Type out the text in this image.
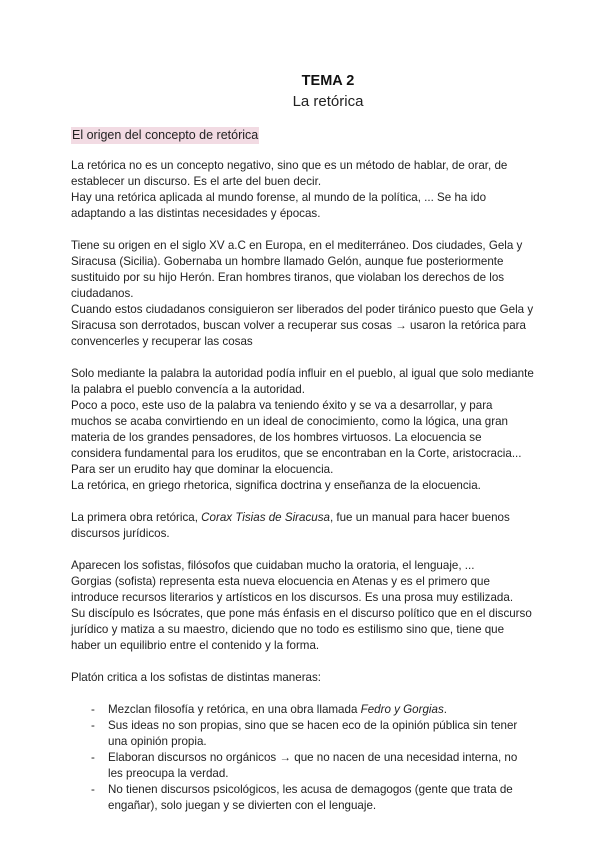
TEMA 2
La retórica
El origen del concepto de retórica

La retórica no es un concepto negativo, sino que es un método de hablar, de orar, de establecer un discurso. Es el arte del buen decir.

Hay una retórica aplicada al mundo forense, al mundo de la política, ... Se ha ido adaptando a las distintas necesidades y épocas.

Tiene su origen en el siglo XV a.C en Europa, en el mediterráneo. Dos ciudades, Gela y Siracusa (Sicilia). Gobernaba un hombre llamado Gelón, aunque fue posteriormente sustituido por su hijo Herón. Eran hombres tiranos, que violaban los derechos de los ciudadanos.

Cuando estos ciudadanos consiguieron ser liberados del poder tiránico puesto que Gela y Siracusa son derrotados, buscan volver a recuperar sus cosas → usaron la retórica para convencerles y recuperar las cosas

Solo mediante la palabra la autoridad podía influir en el pueblo, al igual que solo mediante la palabra el pueblo convencía a la autoridad.

Poco a poco, este uso de la palabra va teniendo éxito y se va a desarrollar, y para muchos se acaba convirtiendo en un ideal de conocimiento, como la lógica, una gran materia de los grandes pensadores, de los hombres virtuosos. La elocuencia se considera fundamental para los eruditos, que se encontraban en la Corte, aristocracia... Para ser un erudito hay que dominar la elocuencia.

La retórica, en griego rhetorica, significa doctrina y enseñanza de la elocuencia.

La primera obra retórica, Corax Tisias de Siracusa, fue un manual para hacer buenos discursos jurídicos.

Aparecen los sofistas, filósofos que cuidaban mucho la oratoria, el lenguaje, ...

Gorgias (sofista) representa esta nueva elocuencia en Atenas y es el primero que introduce recursos literarios y artísticos en los discursos. Es una prosa muy estilizada.

Su discípulo es Isócrates, que pone más énfasis en el discurso político que en el discurso jurídico y matiza a su maestro, diciendo que no todo es estilismo sino que, tiene que haber un equilibrio entre el contenido y la forma.

Platón critica a los sofistas de distintas maneras:

- Mezclan filosofía y retórica, en una obra llamada Fedro y Gorgias.
- Sus ideas no son propias, sino que se hacen eco de la opinión pública sin tener una opinión propia.
- Elaboran discursos no orgánicos → que no nacen de una necesidad interna, no les preocupa la verdad.
- No tienen discursos psicológicos, les acusa de demagogos (gente que trata de engañar), solo juegan y se divierten con el lenguaje.
